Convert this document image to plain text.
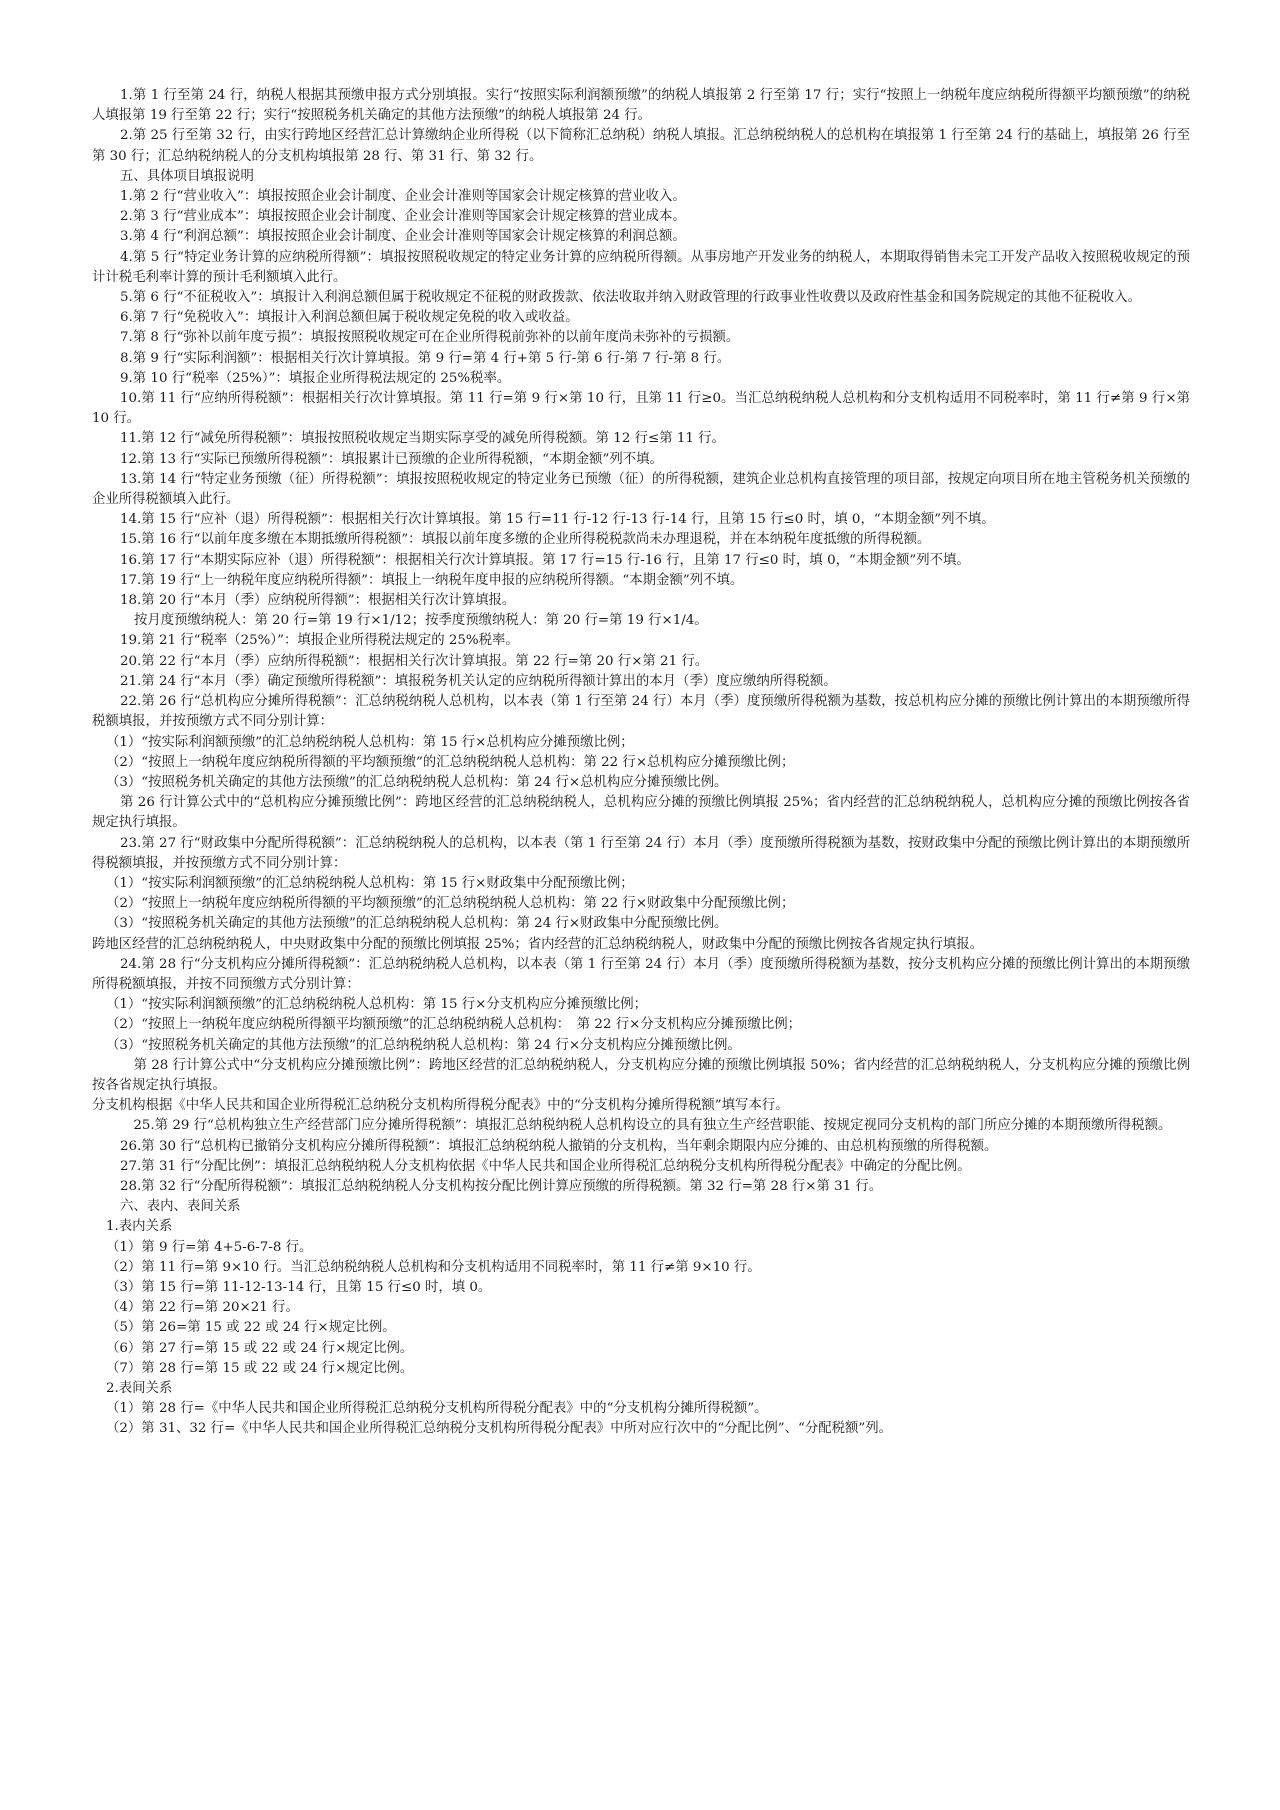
1.第 1 行至第 24 行，纳税人根据其预缴申报方式分别填报。实行“按照实际利润额预缴”的纳税人填报第 2 行至第 17 行；实行“按照上一纳税年度应纳税所得额平均额预缴”的纳税人填报第 19 行至第 22 行；实行“按照税务机关确定的其他方法预缴”的纳税人填报第 24 行。

2.第 25 行至第 32 行，由实行跨地区经营汇总计算缴纳企业所得税（以下简称汇总纳税）纳税人填报。汇总纳税纳税人的总机构在填报第 1 行至第 24 行的基础上，填报第 26 行至第 30 行；汇总纳税纳税人的分支机构填报第 28 行、第 31 行、第 32 行。

五、具体项目填报说明

1.第 2 行“营业收入”：填报按照企业会计制度、企业会计准则等国家会计规定核算的营业收入。

2.第 3 行“营业成本”：填报按照企业会计制度、企业会计准则等国家会计规定核算的营业成本。

3.第 4 行“利润总额”：填报按照企业会计制度、企业会计准则等国家会计规定核算的利润总额。

4.第 5 行“特定业务计算的应纳税所得额”：填报按照税收规定的特定业务计算的应纳税所得额。从事房地产开发业务的纳税人，本期取得销售未完工开发产品收入按照税收规定的预计计税毛利率计算的预计毛利额填入此行。

5.第 6 行“不征税收入”：填报计入利润总额但属于税收规定不征税的财政拨款、依法收取并纳入财政管理的行政事业性收费以及政府性基金和国务院规定的其他不征税收入。

6.第 7 行“免税收入”：填报计入利润总额但属于税收规定免税的收入或收益。

7.第 8 行“弥补以前年度亏损”：填报按照税收规定可在企业所得税前弥补的以前年度尚未弥补的亏损额。

8.第 9 行“实际利润额”：根据相关行次计算填报。第 9 行=第 4 行+第 5 行-第 6 行-第 7 行-第 8 行。

9.第 10 行“税率（25%）”：填报企业所得税法规定的 25%税率。

10.第 11 行“应纳所得税额”：根据相关行次计算填报。第 11 行=第 9 行×第 10 行，且第 11 行≥0。当汇总纳税纳税人总机构和分支机构适用不同税率时，第 11 行≠第 9 行×第 10 行。

11.第 12 行“减免所得税额”：填报按照税收规定当期实际享受的减免所得税额。第 12 行≤第 11 行。

12.第 13 行“实际已预缴所得税额”：填报累计已预缴的企业所得税额，“本期金额”列不填。

13.第 14 行“特定业务预缴（征）所得税额”：填报按照税收规定的特定业务已预缴（征）的所得税额，建筑企业总机构直接管理的项目部，按规定向项目所在地主管税务机关预缴的企业所得税额填入此行。

14.第 15 行“应补（退）所得税额”：根据相关行次计算填报。第 15 行=11 行-12 行-13 行-14 行，且第 15 行≤0 时，填 0，“本期金额”列不填。

15.第 16 行“以前年度多缴在本期抵缴所得税额”：填报以前年度多缴的企业所得税税款尚未办理退税，并在本纳税年度抵缴的所得税额。

16.第 17 行“本期实际应补（退）所得税额”：根据相关行次计算填报。第 17 行=15 行-16 行，且第 17 行≤0 时，填 0，“本期金额”列不填。

17.第 19 行“上一纳税年度应纳税所得额”：填报上一纳税年度申报的应纳税所得额。“本期金额”列不填。

18.第 20 行“本月（季）应纳税所得额”：根据相关行次计算填报。

按月度预缴纳税人：第 20 行=第 19 行×1/12；按季度预缴纳税人：第 20 行=第 19 行×1/4。

19.第 21 行“税率（25%）”：填报企业所得税法规定的 25%税率。

20.第 22 行“本月（季）应纳所得税额”：根据相关行次计算填报。第 22 行=第 20 行×第 21 行。

21.第 24 行“本月（季）确定预缴所得税额”：填报税务机关认定的应纳税所得额计算出的本月（季）度应缴纳所得税额。

22.第 26 行“总机构应分摊所得税额”：汇总纳税纳税人总机构，以本表（第 1 行至第 24 行）本月（季）度预缴所得税额为基数，按总机构应分摊的预缴比例计算出的本期预缴所得税额填报，并按预缴方式不同分别计算：

（1）“按实际利润额预缴”的汇总纳税纳税人总机构：第 15 行×总机构应分摊预缴比例；

（2）“按照上一纳税年度应纳税所得额的平均额预缴”的汇总纳税纳税人总机构：第 22 行×总机构应分摊预缴比例；

（3）“按照税务机关确定的其他方法预缴”的汇总纳税纳税人总机构：第 24 行×总机构应分摊预缴比例。

第 26 行计算公式中的“总机构应分摊预缴比例”：跨地区经营的汇总纳税纳税人，总机构应分摊的预缴比例填报 25%；省内经营的汇总纳税纳税人，总机构应分摊的预缴比例按各省规定执行填报。

23.第 27 行“财政集中分配所得税额”：汇总纳税纳税人的总机构，以本表（第 1 行至第 24 行）本月（季）度预缴所得税额为基数，按财政集中分配的预缴比例计算出的本期预缴所得税额填报，并按预缴方式不同分别计算：

（1）“按实际利润额预缴”的汇总纳税纳税人总机构：第 15 行×财政集中分配预缴比例；

（2）“按照上一纳税年度应纳税所得额的平均额预缴”的汇总纳税纳税人总机构：第 22 行×财政集中分配预缴比例；

（3）“按照税务机关确定的其他方法预缴”的汇总纳税纳税人总机构：第 24 行×财政集中分配预缴比例。

跨地区经营的汇总纳税纳税人，中央财政集中分配的预缴比例填报 25%；省内经营的汇总纳税纳税人，财政集中分配的预缴比例按各省规定执行填报。

24.第 28 行“分支机构应分摊所得税额”：汇总纳税纳税人总机构，以本表（第 1 行至第 24 行）本月（季）度预缴所得税额为基数，按分支机构应分摊的预缴比例计算出的本期预缴所得税额填报，并按不同预缴方式分别计算：

（1）“按实际利润额预缴”的汇总纳税纳税人总机构：第 15 行×分支机构应分摊预缴比例；

（2）“按照上一纳税年度应纳税所得额平均额预缴”的汇总纳税纳税人总机构：　第 22 行×分支机构应分摊预缴比例；

（3）“按照税务机关确定的其他方法预缴”的汇总纳税纳税人总机构：第 24 行×分支机构应分摊预缴比例。

　第 28 行计算公式中“分支机构应分摊预缴比例”：跨地区经营的汇总纳税纳税人，分支机构应分摊的预缴比例填报 50%；省内经营的汇总纳税纳税人，分支机构应分摊的预缴比例按各省规定执行填报。

分支机构根据《中华人民共和国企业所得税汇总纳税分支机构所得税分配表》中的“分支机构分摊所得税额”填写本行。

　25.第 29 行“总机构独立生产经营部门应分摊所得税额”：填报汇总纳税纳税人总机构设立的具有独立生产经营职能、按规定视同分支机构的部门所应分摊的本期预缴所得税额。

26.第 30 行“总机构已撤销分支机构应分摊所得税额”：填报汇总纳税纳税人撤销的分支机构，当年剩余期限内应分摊的、由总机构预缴的所得税额。

27.第 31 行“分配比例”：填报汇总纳税纳税人分支机构依据《中华人民共和国企业所得税汇总纳税分支机构所得税分配表》中确定的分配比例。

28.第 32 行“分配所得税额”：填报汇总纳税纳税人分支机构按分配比例计算应预缴的所得税额。第 32 行=第 28 行×第 31 行。

六、表内、表间关系

1.表内关系

（1）第 9 行=第 4+5-6-7-8 行。

（2）第 11 行=第 9×10 行。当汇总纳税纳税人总机构和分支机构适用不同税率时，第 11 行≠第 9×10 行。

（3）第 15 行=第 11-12-13-14 行，且第 15 行≤0 时，填 0。

（4）第 22 行=第 20×21 行。

（5）第 26=第 15 或 22 或 24 行×规定比例。

（6）第 27 行=第 15 或 22 或 24 行×规定比例。

（7）第 28 行=第 15 或 22 或 24 行×规定比例。

2.表间关系

（1）第 28 行=《中华人民共和国企业所得税汇总纳税分支机构所得税分配表》中的“分支机构分摊所得税额”。

（2）第 31、32 行=《中华人民共和国企业所得税汇总纳税分支机构所得税分配表》中所对应行次中的“分配比例”、“分配税额”列。
